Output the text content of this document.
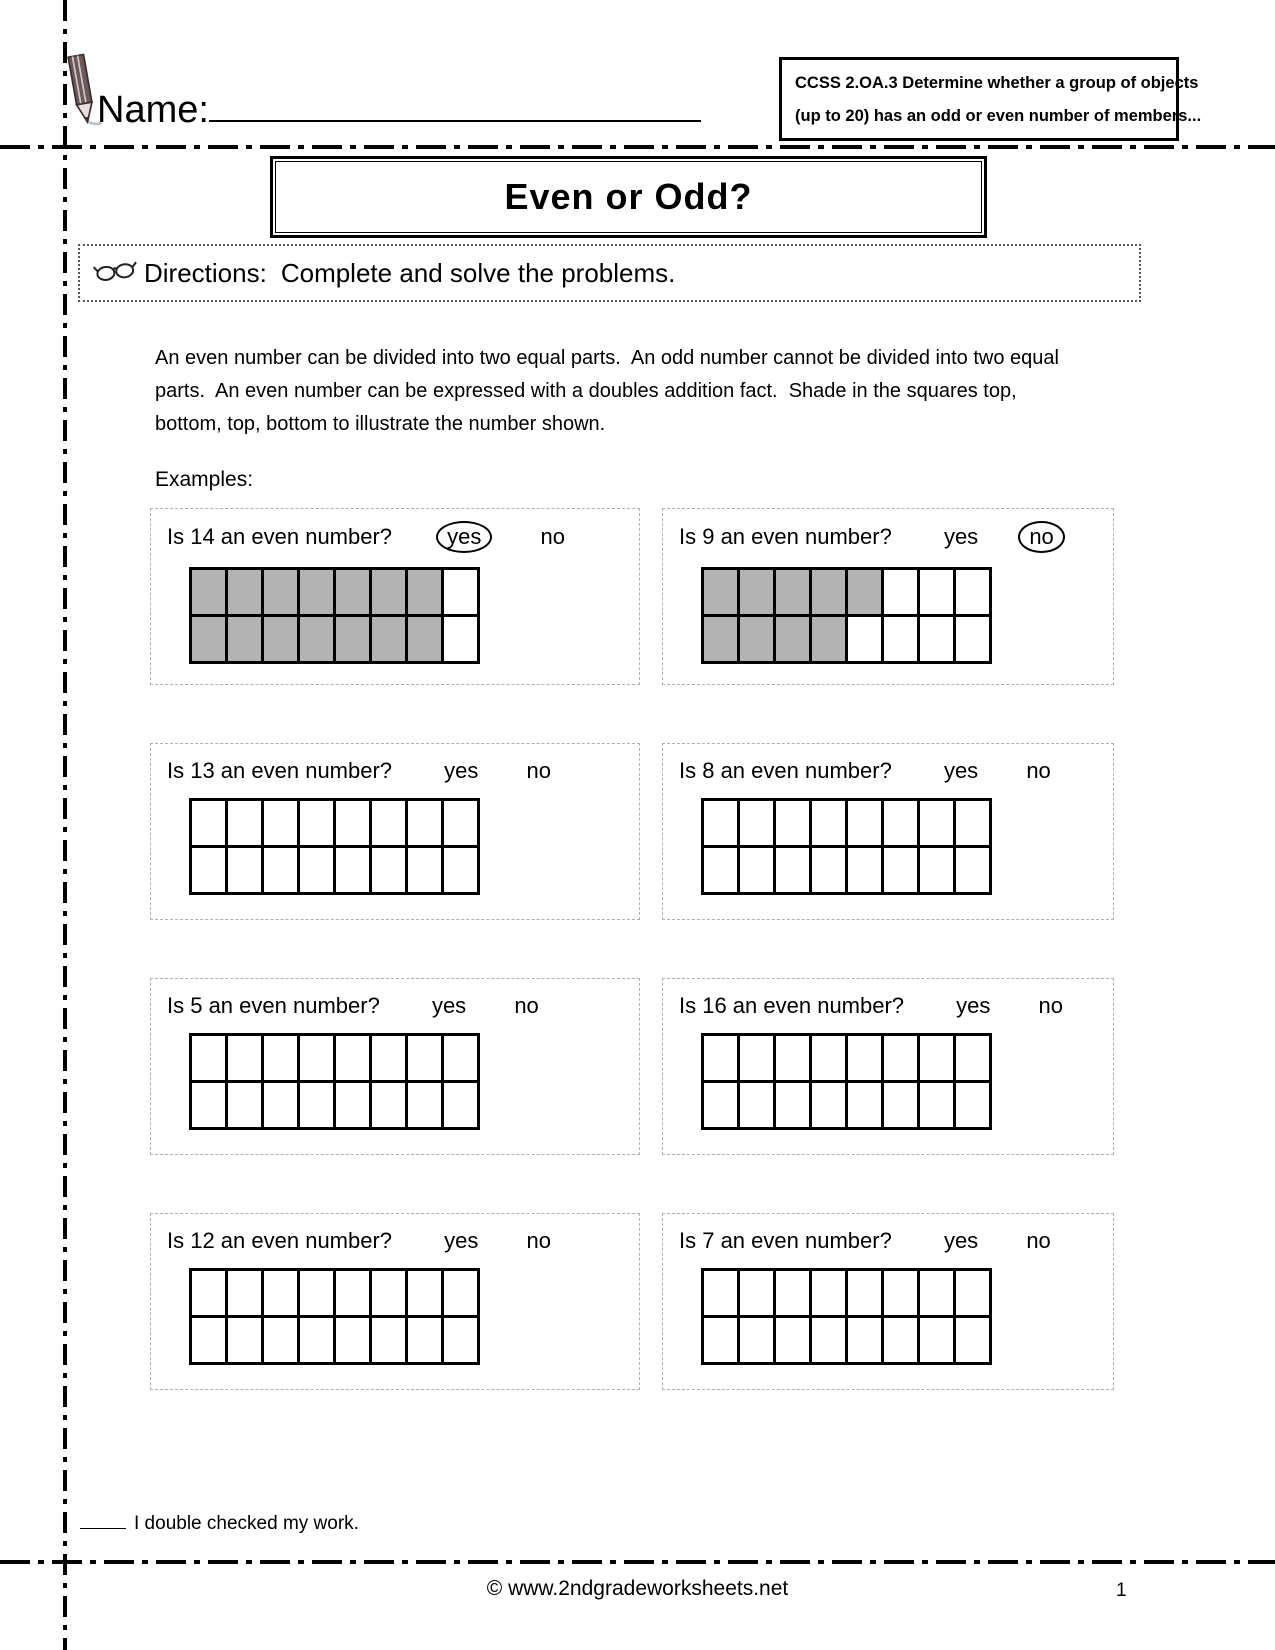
Name:
CCSS 2.OA.3 Determine whether a group of objects
(up to 20) has an odd or even number of members...
Even or Odd?
Directions: Complete and solve the problems.
An even number can be divided into two equal parts.  An odd number cannot be divided into two equal parts.  An even number can be expressed with a doubles addition fact.  Shade in the squares top, bottom, top, bottom to illustrate the number shown.
Examples:
Is 14 an even number?	yes	no

								Is 9 an even number? yes no

Is 13 an even number? yes no

								Is 8 an even number? yes no

Is 5 an even number? yes no

								Is 16 an even number? yes no

Is 12 an even number? yes no

								Is 7 an even number? yes no

I double checked my work.
© www.2ndgradeworksheets.net	1
